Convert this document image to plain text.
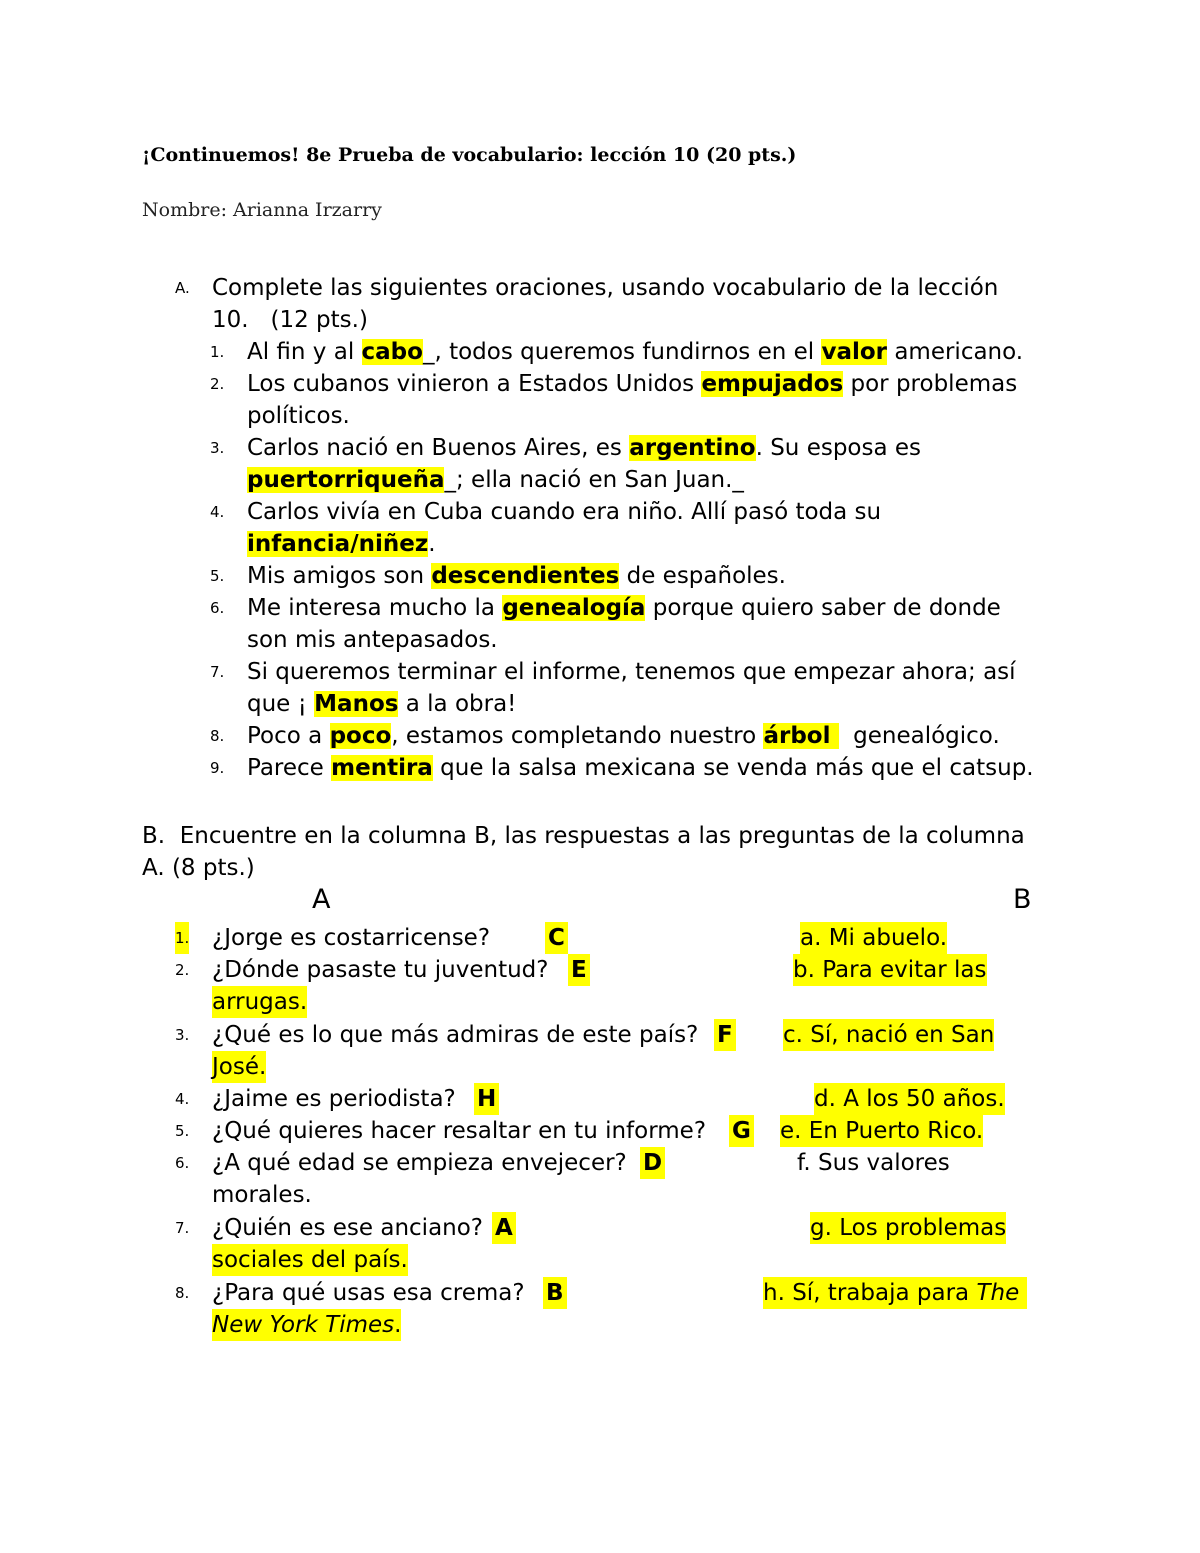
¡Continuemos! 8e Prueba de vocabulario: lección 10 (20 pts.)
Nombre: Arianna Irzarry
A. Complete las siguientes oraciones, usando vocabulario de la lección
10.   (12 pts.)
1. Al fin y al cabo_, todos queremos fundirnos en el valor americano.
2. Los cubanos vinieron a Estados Unidos empujados por problemas
políticos.
3. Carlos nació en Buenos Aires, es argentino. Su esposa es
puertorriqueña_; ella nació en San Juan._
4. Carlos vivía en Cuba cuando era niño. Allí pasó toda su
infancia/niñez.
5. Mis amigos son descendientes de españoles.
6. Me interesa mucho la genealogía porque quiero saber de donde
son mis antepasados.
7. Si queremos terminar el informe, tenemos que empezar ahora; así
que ¡ Manos a la obra!
8. Poco a poco, estamos completando nuestro árbol   genealógico.
9. Parece mentira que la salsa mexicana se venda más que el catsup.
B.  Encuentre en la columna B, las respuestas a las preguntas de la columna
A. (8 pts.)
A	B
1. ¿Jorge es costarricense?	C	a. Mi abuelo.
2. ¿Dónde pasaste tu juventud? E	b. Para evitar las
arrugas.
3. ¿Qué es lo que más admiras de este país? F c. Sí, nació en San
José.
4. ¿Jaime es periodista? H	d. A los 50 años.
5. ¿Qué quieres hacer resaltar en tu informe? G e. En Puerto Rico.
6. ¿A qué edad se empieza envejecer? D	f. Sus valores
morales.
7. ¿Quién es ese anciano? A	g. Los problemas
sociales del país.
8. ¿Para qué usas esa crema? B	h. Sí, trabaja para The
New York Times.
